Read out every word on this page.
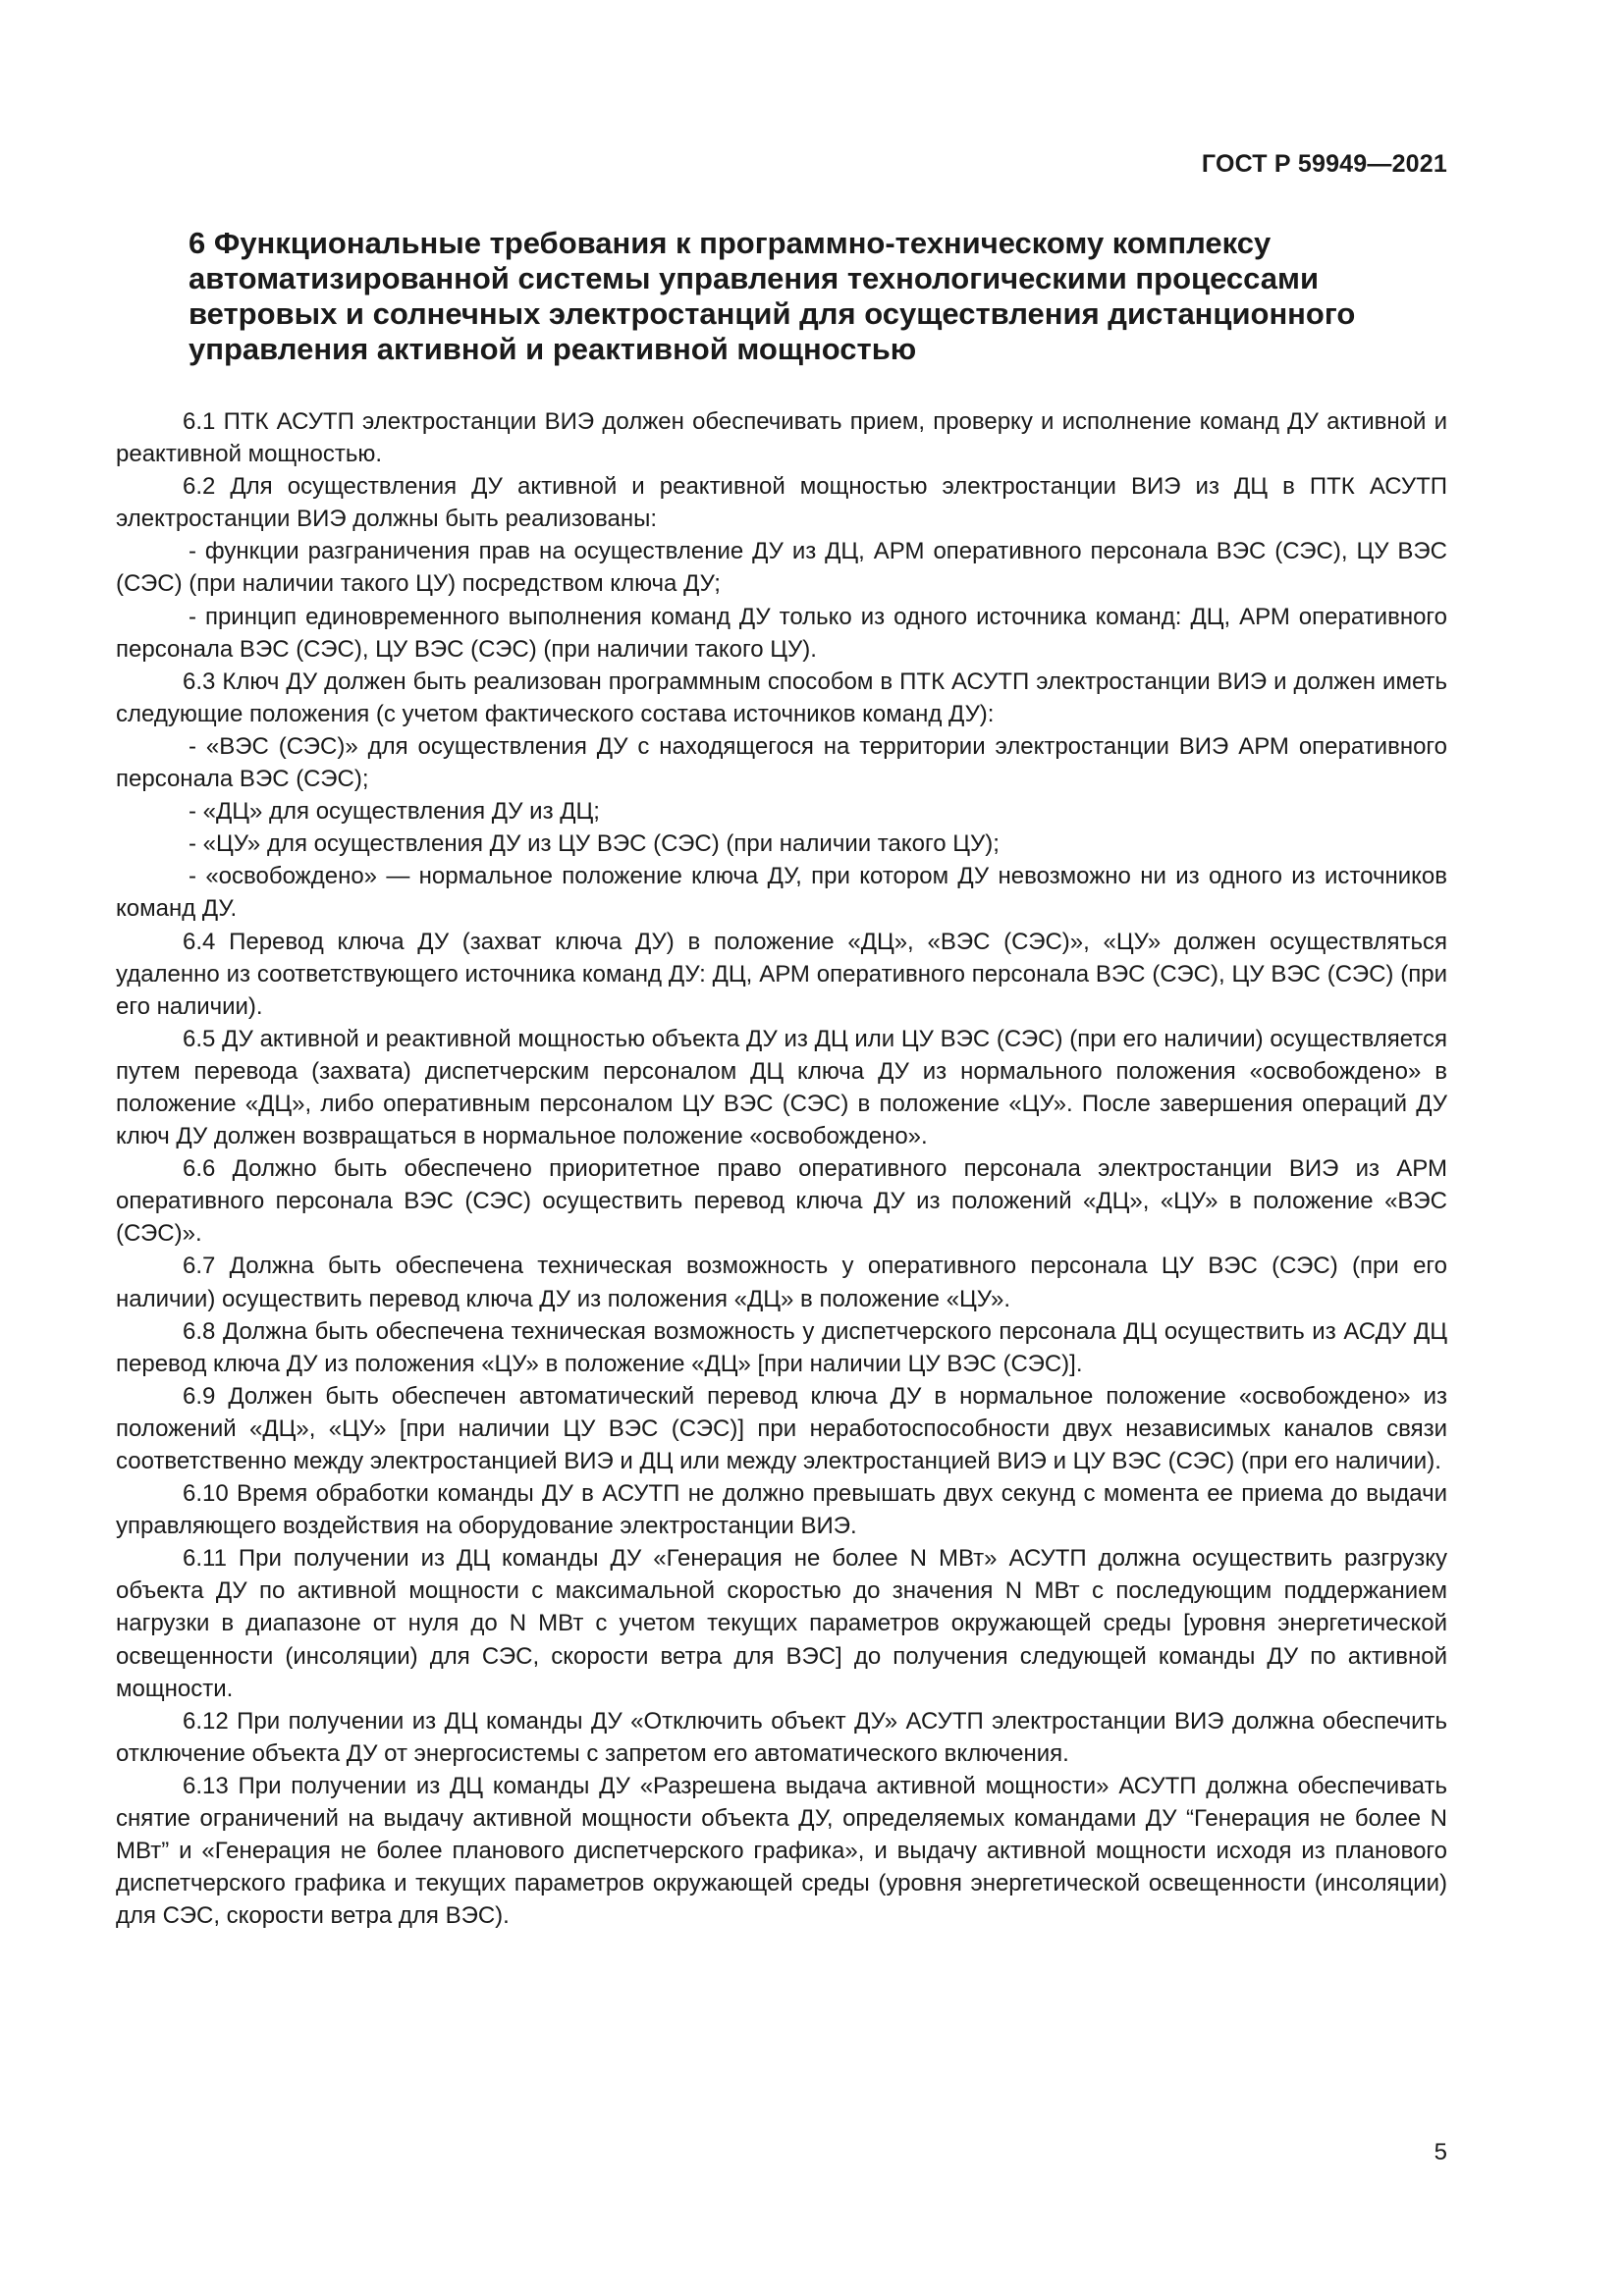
ГОСТ Р 59949—2021
6 Функциональные требования к программно-техническому комплексу автоматизированной системы управления технологическими процессами ветровых и солнечных электростанций для осуществления дистанционного управления активной и реактивной мощностью

6.1 ПТК АСУТП электростанции ВИЭ должен обеспечивать прием, проверку и исполнение команд ДУ активной и реактивной мощностью.

6.2 Для осуществления ДУ активной и реактивной мощностью электростанции ВИЭ из ДЦ в ПТК АСУТП электростанции ВИЭ должны быть реализованы:

- функции разграничения прав на осуществление ДУ из ДЦ, АРМ оперативного персонала ВЭС (СЭС), ЦУ ВЭС (СЭС) (при наличии такого ЦУ) посредством ключа ДУ;

- принцип единовременного выполнения команд ДУ только из одного источника команд: ДЦ, АРМ оперативного персонала ВЭС (СЭС), ЦУ ВЭС (СЭС) (при наличии такого ЦУ).

6.3 Ключ ДУ должен быть реализован программным способом в ПТК АСУТП электростанции ВИЭ и должен иметь следующие положения (с учетом фактического состава источников команд ДУ):

- «ВЭС (СЭС)» для осуществления ДУ с находящегося на территории электростанции ВИЭ АРМ оперативного персонала ВЭС (СЭС);

- «ДЦ» для осуществления ДУ из ДЦ;

- «ЦУ» для осуществления ДУ из ЦУ ВЭС (СЭС) (при наличии такого ЦУ);

- «освобождено» — нормальное положение ключа ДУ, при котором ДУ невозможно ни из одного из источников команд ДУ.

6.4 Перевод ключа ДУ (захват ключа ДУ) в положение «ДЦ», «ВЭС (СЭС)», «ЦУ» должен осуществляться удаленно из соответствующего источника команд ДУ: ДЦ, АРМ оперативного персонала ВЭС (СЭС), ЦУ ВЭС (СЭС) (при его наличии).

6.5 ДУ активной и реактивной мощностью объекта ДУ из ДЦ или ЦУ ВЭС (СЭС) (при его наличии) осуществляется путем перевода (захвата) диспетчерским персоналом ДЦ ключа ДУ из нормального положения «освобождено» в положение «ДЦ», либо оперативным персоналом ЦУ ВЭС (СЭС) в положение «ЦУ». После завершения операций ДУ ключ ДУ должен возвращаться в нормальное положение «освобождено».

6.6 Должно быть обеспечено приоритетное право оперативного персонала электростанции ВИЭ из АРМ оперативного персонала ВЭС (СЭС) осуществить перевод ключа ДУ из положений «ДЦ», «ЦУ» в положение «ВЭС (СЭС)».

6.7 Должна быть обеспечена техническая возможность у оперативного персонала ЦУ ВЭС (СЭС) (при его наличии) осуществить перевод ключа ДУ из положения «ДЦ» в положение «ЦУ».

6.8 Должна быть обеспечена техническая возможность у диспетчерского персонала ДЦ осуществить из АСДУ ДЦ перевод ключа ДУ из положения «ЦУ» в положение «ДЦ» [при наличии ЦУ ВЭС (СЭС)].

6.9 Должен быть обеспечен автоматический перевод ключа ДУ в нормальное положение «освобождено» из положений «ДЦ», «ЦУ» [при наличии ЦУ ВЭС (СЭС)] при неработоспособности двух независимых каналов связи соответственно между электростанцией ВИЭ и ДЦ или между электростанцией ВИЭ и ЦУ ВЭС (СЭС) (при его наличии).

6.10 Время обработки команды ДУ в АСУТП не должно превышать двух секунд с момента ее приема до выдачи управляющего воздействия на оборудование электростанции ВИЭ.

6.11 При получении из ДЦ команды ДУ «Генерация не более N МВт» АСУТП должна осуществить разгрузку объекта ДУ по активной мощности с максимальной скоростью до значения N МВт с последующим поддержанием нагрузки в диапазоне от нуля до N МВт с учетом текущих параметров окружающей среды [уровня энергетической освещенности (инсоляции) для СЭС, скорости ветра для ВЭС] до получения следующей команды ДУ по активной мощности.

6.12 При получении из ДЦ команды ДУ «Отключить объект ДУ» АСУТП электростанции ВИЭ должна обеспечить отключение объекта ДУ от энергосистемы с запретом его автоматического включения.

6.13 При получении из ДЦ команды ДУ «Разрешена выдача активной мощности» АСУТП должна обеспечивать снятие ограничений на выдачу активной мощности объекта ДУ, определяемых командами ДУ “Генерация не более N МВт” и «Генерация не более планового диспетчерского графика», и выдачу активной мощности исходя из планового диспетчерского графика и текущих параметров окружающей среды (уровня энергетической освещенности (инсоляции) для СЭС, скорости ветра для ВЭС).

5
